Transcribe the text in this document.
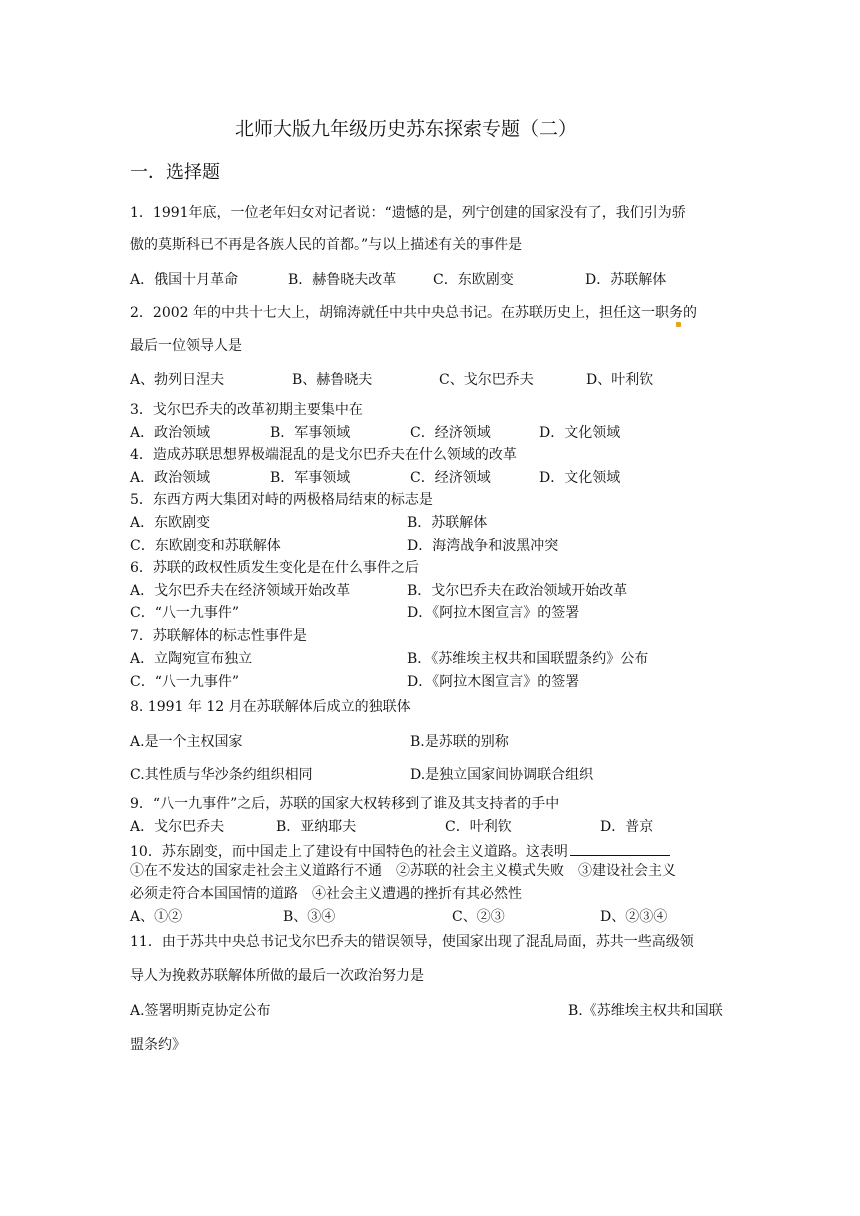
北师大版九年级历史苏东探索专题（二）
一．选择题
1．1991年底，一位老年妇女对记者说：“遗憾的是，列宁创建的国家没有了，我们引为骄
傲的莫斯科已不再是各族人民的首都。”与以上描述有关的事件是
A．俄国十月革命	B．赫鲁晓夫改革	C．东欧剧变	D．苏联解体
2．2002 年的中共十七大上，胡锦涛就任中共中央总书记。在苏联历史上，担任这一职务的
最后一位领导人是
A、勃列日涅夫	B、赫鲁晓夫	C、戈尔巴乔夫	D、叶利钦
3．戈尔巴乔夫的改革初期主要集中在
A．政治领域	B．军事领域	C．经济领域	D．文化领域
4．造成苏联思想界极端混乱的是戈尔巴乔夫在什么领域的改革
A．政治领域	B．军事领域	C．经济领域	D．文化领域
5．东西方两大集团对峙的两极格局结束的标志是
A．东欧剧变	B．苏联解体
C．东欧剧变和苏联解体	D．海湾战争和波黑冲突
6．苏联的政权性质发生变化是在什么事件之后
A．戈尔巴乔夫在经济领域开始改革	B．戈尔巴乔夫在政治领域开始改革
C．“八一九事件”	D．《阿拉木图宣言》的签署
7．苏联解体的标志性事件是
A．立陶宛宣布独立	B．《苏维埃主权共和国联盟条约》公布
C．“八一九事件”	D．《阿拉木图宣言》的签署
8. 1991 年 12 月在苏联解体后成立的独联体
A.是一个主权国家	B.是苏联的别称
C.其性质与华沙条约组织相同	D.是独立国家间协调联合组织
9．“八一九事件”之后，苏联的国家大权转移到了谁及其支持者的手中
A．戈尔巴乔夫	B．亚纳耶夫	C．叶利钦	D．普京
10．苏东剧变，而中国走上了建设有中国特色的社会主义道路。这表明
①在不发达的国家走社会主义道路行不通　②苏联的社会主义模式失败　③建设社会主义
必须走符合本国国情的道路　④社会主义遭遇的挫折有其必然性
A、①②	B、③④	C、②③	D、②③④
11．由于苏共中央总书记戈尔巴乔夫的错误领导，使国家出现了混乱局面，苏共一些高级领
导人为挽救苏联解体所做的最后一次政治努力是
A.签署明斯克协定公布	B.《苏维埃主权共和国联
盟条约》
